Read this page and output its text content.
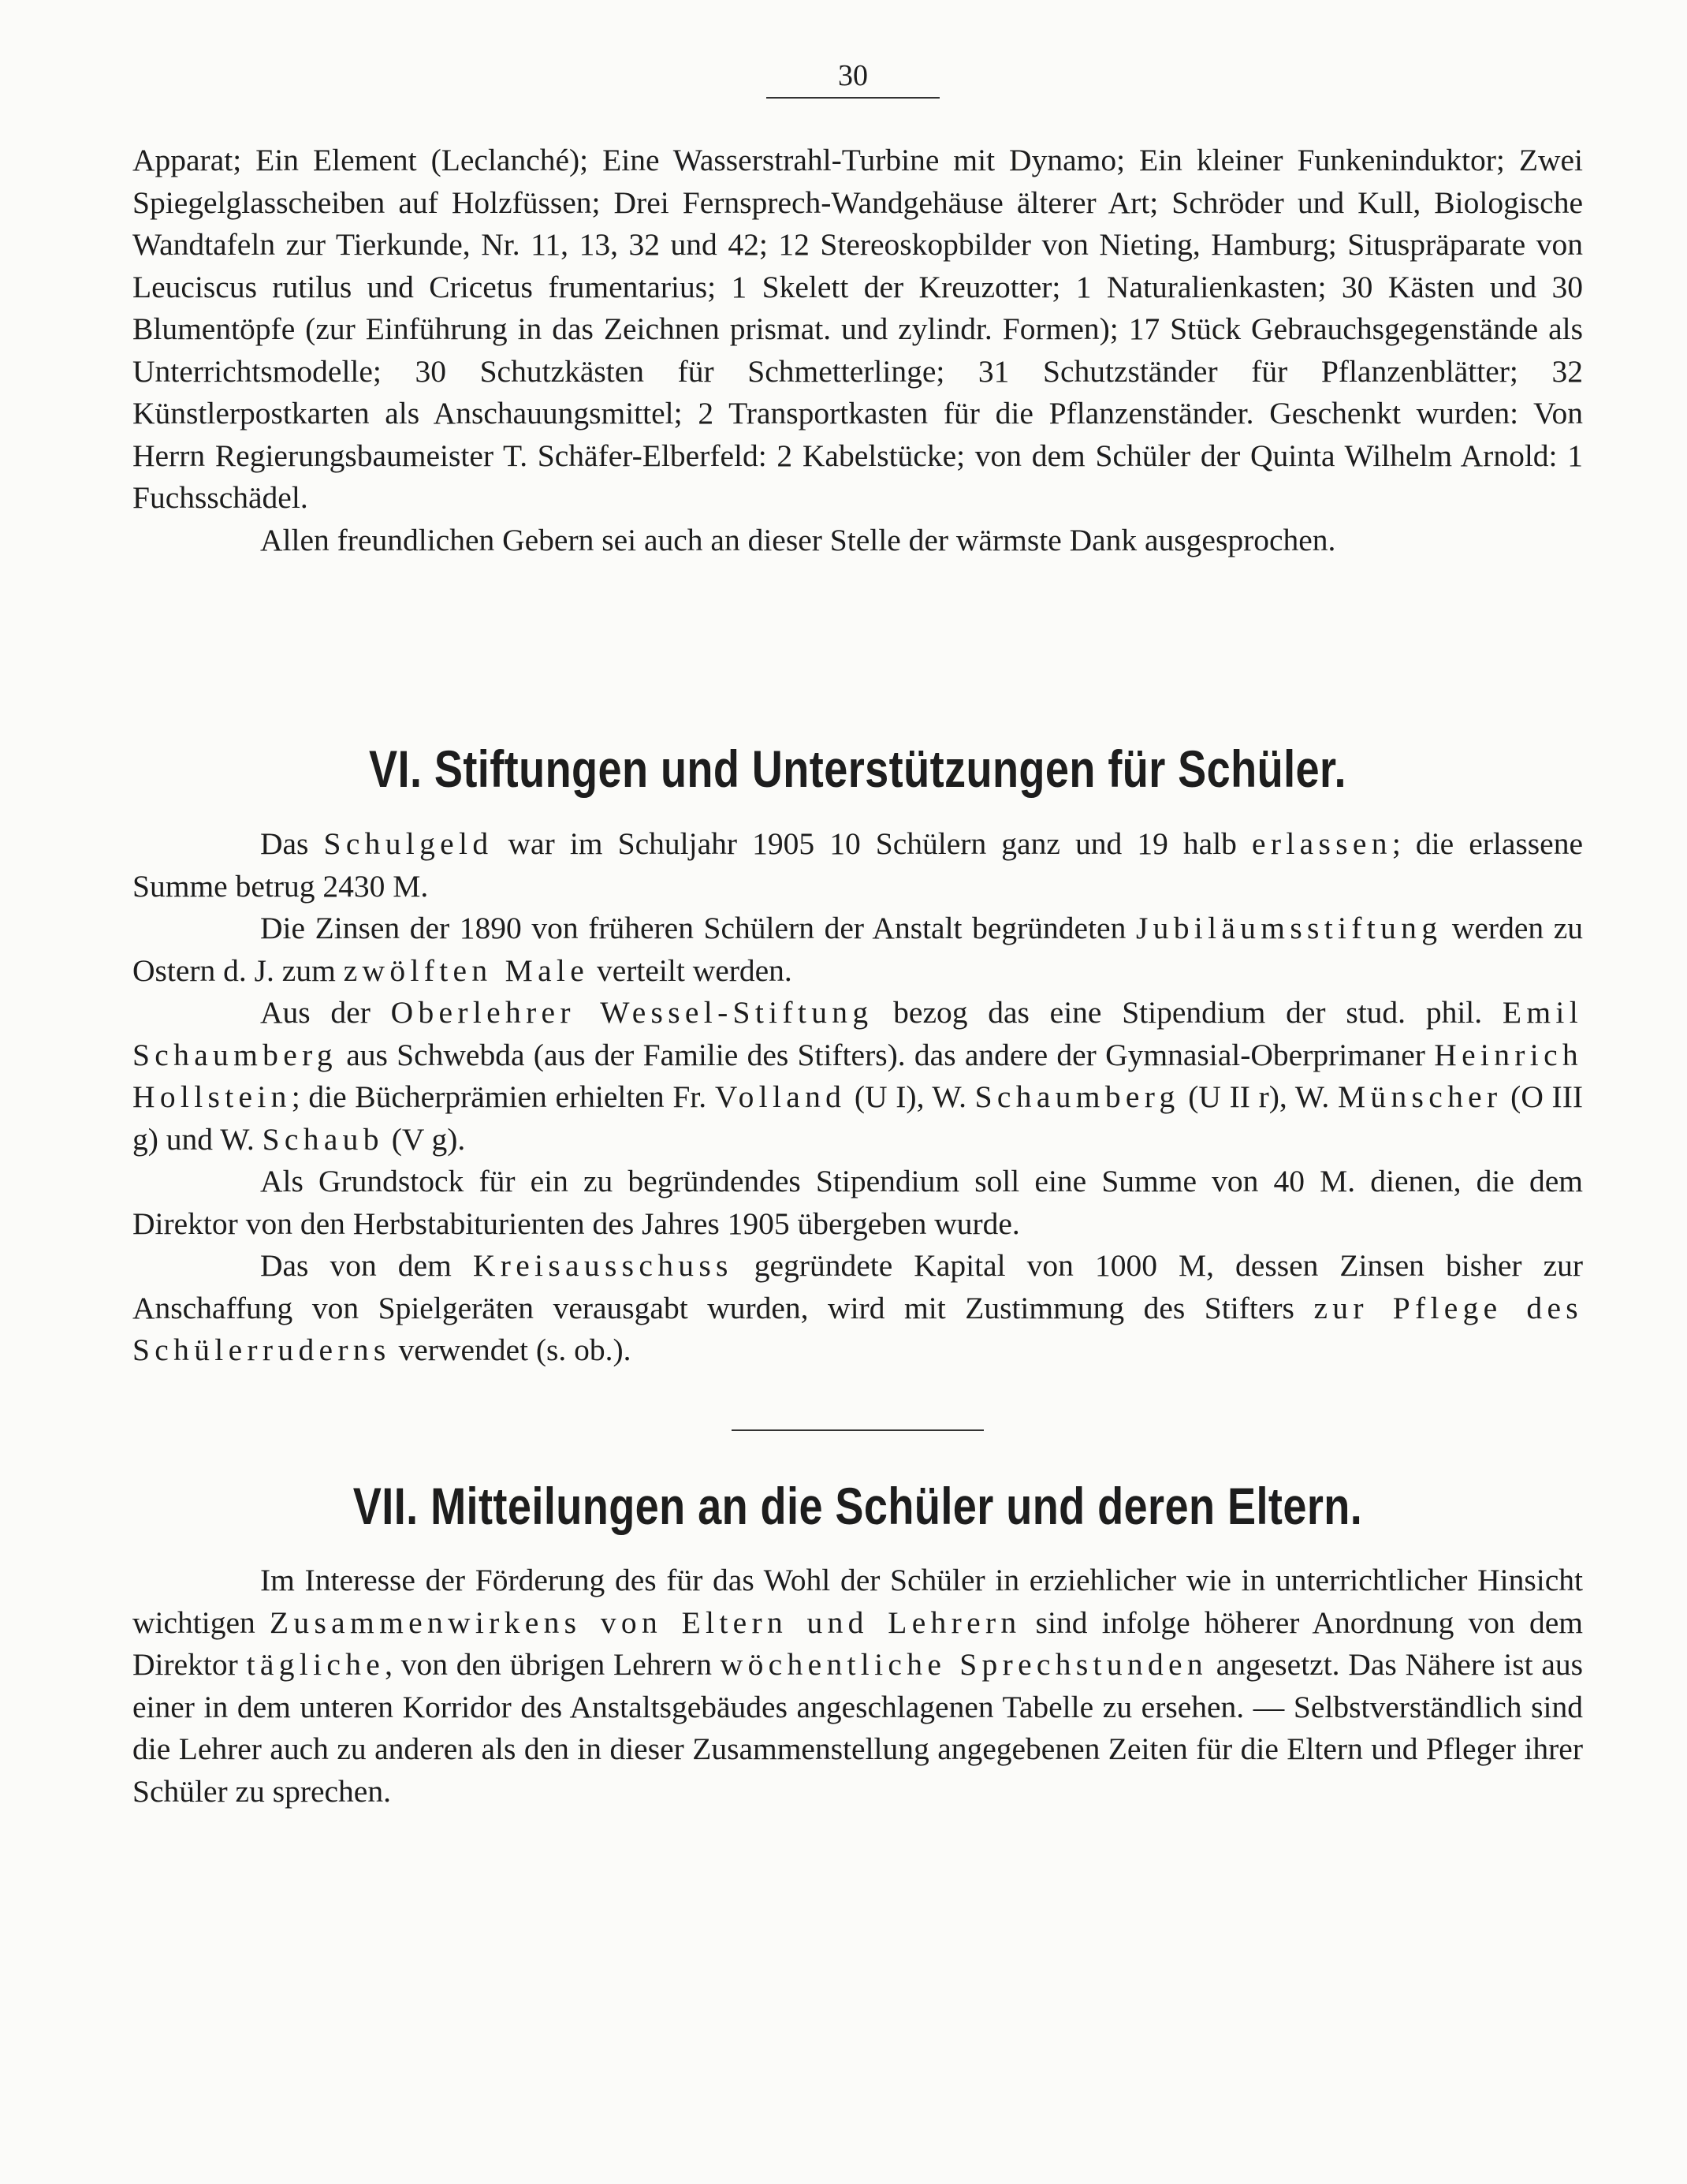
30

Apparat; Ein Element (Leclanché); Eine Wasserstrahl-Turbine mit Dynamo; Ein kleiner Funkeninduktor; Zwei Spiegelglasscheiben auf Holzfüssen; Drei Fernsprech-Wandgehäuse älterer Art; Schröder und Kull, Biologische Wandtafeln zur Tierkunde, Nr. 11, 13, 32 und 42; 12 Stereoskopbilder von Nieting, Hamburg; Situspräparate von Leuciscus rutilus und Cricetus frumentarius; 1 Skelett der Kreuzotter; 1 Naturalienkasten; 30 Kästen und 30 Blumentöpfe (zur Einführung in das Zeichnen prismat. und zylindr. Formen); 17 Stück Gebrauchsgegenstände als Unterrichtsmodelle; 30 Schutzkästen für Schmetterlinge; 31 Schutzständer für Pflanzenblätter; 32 Künstlerpostkarten als Anschauungsmittel; 2 Transportkasten für die Pflanzenständer. Geschenkt wurden: Von Herrn Regierungsbaumeister T. Schäfer-Elberfeld: 2 Kabelstücke; von dem Schüler der Quinta Wilhelm Arnold: 1 Fuchsschädel.

Allen freundlichen Gebern sei auch an dieser Stelle der wärmste Dank ausgesprochen.

VI. Stiftungen und Unterstützungen für Schüler.

Das Schulgeld war im Schuljahr 1905 10 Schülern ganz und 19 halb erlassen; die erlassene Summe betrug 2430 M.

Die Zinsen der 1890 von früheren Schülern der Anstalt begründeten Jubiläumsstiftung werden zu Ostern d. J. zum zwölften Male verteilt werden.

Aus der Oberlehrer Wessel-Stiftung bezog das eine Stipendium der stud. phil. Emil Schaumberg aus Schwebda (aus der Familie des Stifters). das andere der Gymnasial-Oberprimaner Heinrich Hollstein; die Bücherprämien erhielten Fr. Volland (U I), W. Schaumberg (U II r), W. Münscher (O III g) und W. Schaub (V g).

Als Grundstock für ein zu begründendes Stipendium soll eine Summe von 40 M. dienen, die dem Direktor von den Herbstabiturienten des Jahres 1905 übergeben wurde.

Das von dem Kreisausschuss gegründete Kapital von 1000 M, dessen Zinsen bisher zur Anschaffung von Spielgeräten verausgabt wurden, wird mit Zustimmung des Stifters zur Pflege des Schülerruderns verwendet (s. ob.).

VII. Mitteilungen an die Schüler und deren Eltern.

Im Interesse der Förderung des für das Wohl der Schüler in erziehlicher wie in unterrichtlicher Hinsicht wichtigen Zusammenwirkens von Eltern und Lehrern sind infolge höherer Anordnung von dem Direktor tägliche, von den übrigen Lehrern wöchentliche Sprechstunden angesetzt. Das Nähere ist aus einer in dem unteren Korridor des Anstaltsgebäudes angeschlagenen Tabelle zu ersehen. — Selbstverständlich sind die Lehrer auch zu anderen als den in dieser Zusammenstellung angegebenen Zeiten für die Eltern und Pfleger ihrer Schüler zu sprechen.
